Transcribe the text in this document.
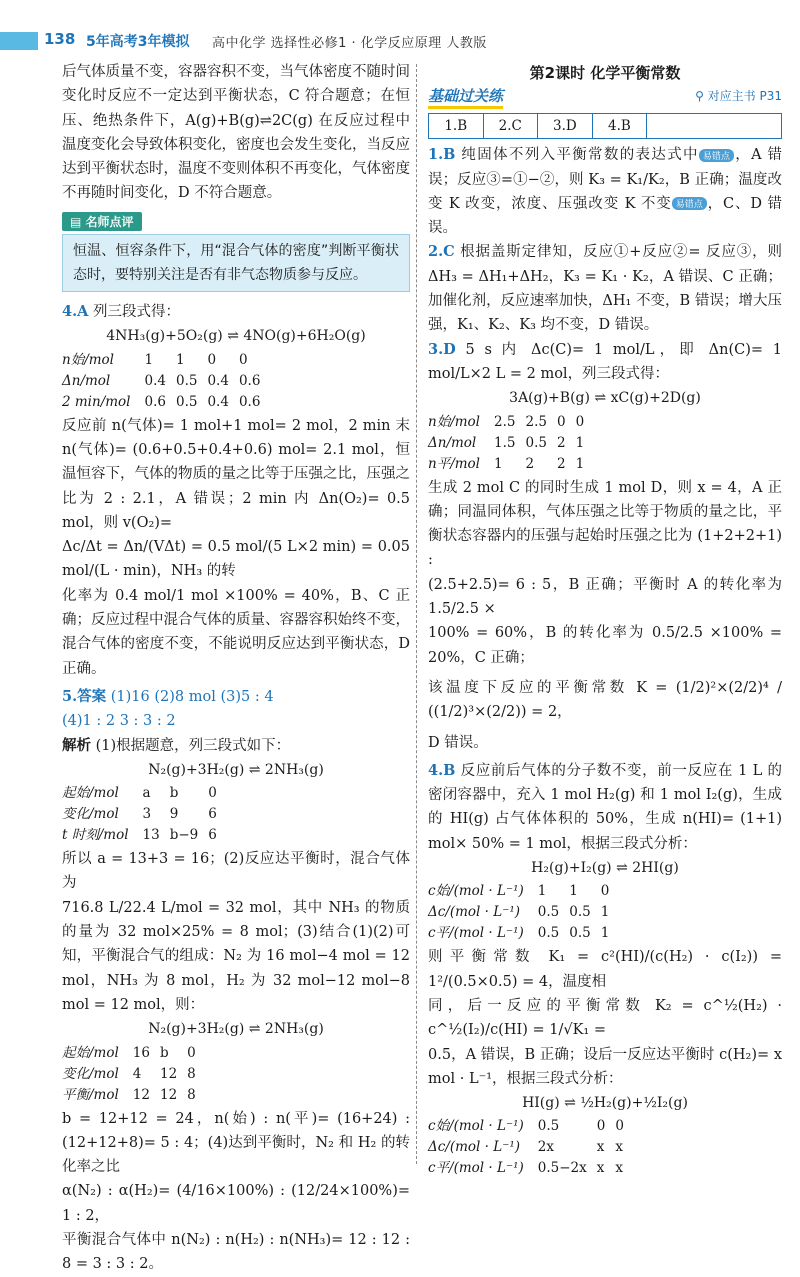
138 5年高考3年模拟 高中化学 选择性必修1 · 化学反应原理 人教版

后气体质量不变，容器容积不变，当气体密度不随时间变化时反应不一定达到平衡状态，C 符合题意；在恒压、绝热条件下，A(g)+B(g)⇌2C(g) 在反应过程中温度变化会导致体积变化，密度也会发生变化，当反应达到平衡状态时，温度不变则体积不再变化，气体密度不再随时间变化，D 不符合题意。

▤ 名师点评

恒温、恒容条件下，用“混合气体的密度”判断平衡状态时，要特别关注是否有非气态物质参与反应。

4.A 列三段式得：

4NH₃(g)+5O₂(g) ⇌ 4NO(g)+6H₂O(g)
n始/mol	1	1	0	0
Δn/mol	0.4	0.5	0.4	0.6
2 min/mol	0.6	0.5	0.4	0.6

反应前 n(气体)= 1 mol+1 mol= 2 mol，2 min 末 n(气体)= (0.6+0.5+0.4+0.6) mol= 2.1 mol，恒温恒容下，气体的物质的量之比等于压强之比，压强之比为 2 : 2.1，A 错误；2 min 内 Δn(O₂)= 0.5 mol，则 v(O₂)=

Δc/Δt = Δn/(VΔt) = 0.5 mol/(5 L×2 min) = 0.05 mol/(L · min)，NH₃ 的转

化率为 0.4 mol/1 mol ×100% = 40%，B、C 正确；反应过程中混合气体的质量、容器容积始终不变，混合气体的密度不变，不能说明反应达到平衡状态，D 正确。

5.答案 (1)16 (2)8 mol (3)5 : 4

(4)1 : 2 3 : 3 : 2

解析 (1)根据题意，列三段式如下：

N₂(g)+3H₂(g) ⇌ 2NH₃(g)
起始/mol	a	b	0
变化/mol	3	9	6
t 时刻/mol	13	b−9	6

所以 a = 13+3 = 16；(2)反应达平衡时，混合气体为

716.8 L/22.4 L/mol = 32 mol，其中 NH₃ 的物质的量为 32 mol×25% = 8 mol；(3)结合(1)(2)可知，平衡混合气的组成：N₂ 为 16 mol−4 mol = 12 mol，NH₃ 为 8 mol，H₂ 为 32 mol−12 mol−8 mol = 12 mol，则：

N₂(g)+3H₂(g) ⇌ 2NH₃(g)
起始/mol	16	b	0
变化/mol	4	12	8
平衡/mol	12	12	8

b = 12+12 = 24，n(始) : n(平)= (16+24) : (12+12+8)= 5 : 4；(4)达到平衡时，N₂ 和 H₂ 的转化率之比

α(N₂) : α(H₂)= (4/16×100%) : (12/24×100%)= 1 : 2，

平衡混合气体中 n(N₂) : n(H₂) : n(NH₃)= 12 : 12 : 8 = 3 : 3 : 2。

第2课时 化学平衡常数
基础过关练	⚲ 对应主书 P31
1.B	2.C	3.D	4.B	

1.B 纯固体不列入平衡常数的表达式中 易错点 ，A 错误；反应③=①−②，则 K₃ = K₁/K₂，B 正确；温度改变 K 改变，浓度、压强改变 K 不变 易错点 ，C、D 错误。

2.C 根据盖斯定律知，反应①+反应②= 反应③，则 ΔH₃ = ΔH₁+ΔH₂，K₃ = K₁ · K₂，A 错误、C 正确；加催化剂，反应速率加快，ΔH₁ 不变，B 错误；增大压强，K₁、K₂、K₃ 均不变，D 错误。

3.D 5 s 内 Δc(C)= 1 mol/L，即 Δn(C)= 1 mol/L×2 L = 2 mol，列三段式得：

3A(g)+B(g) ⇌ xC(g)+2D(g)
n始/mol	2.5	2.5	0	0
Δn/mol	1.5	0.5	2	1
n平/mol	1	2	2	1

生成 2 mol C 的同时生成 1 mol D，则 x = 4，A 正确；同温同体积，气体压强之比等于物质的量之比，平衡状态容器内的压强与起始时压强之比为 (1+2+2+1) :

(2.5+2.5)= 6 : 5，B 正确；平衡时 A 的转化率为 1.5/2.5 ×

100% = 60%，B 的转化率为 0.5/2.5 ×100% = 20%，C 正确；

该温度下反应的平衡常数 K = (1/2)²×(2/2)⁴ / ((1/2)³×(2/2)) = 2，

D 错误。

4.B 反应前后气体的分子数不变，前一反应在 1 L 的密闭容器中，充入 1 mol H₂(g) 和 1 mol I₂(g)，生成的 HI(g) 占气体体积的 50%，生成 n(HI)= (1+1) mol× 50% = 1 mol，根据三段式分析：

H₂(g)+I₂(g) ⇌ 2HI(g)
c始/(mol · L⁻¹)	1	1	0
Δc/(mol · L⁻¹)	0.5	0.5	1
c平/(mol · L⁻¹)	0.5	0.5	1

则平衡常数 K₁ = c²(HI)/(c(H₂) · c(I₂)) = 1²/(0.5×0.5) = 4，温度相

同，后一反应的平衡常数 K₂ = c^½(H₂) · c^½(I₂)/c(HI) = 1/√K₁ =

0.5，A 错误，B 正确；设后一反应达平衡时 c(H₂)= x mol · L⁻¹，根据三段式分析：

HI(g) ⇌ ½H₂(g)+½I₂(g)
c始/(mol · L⁻¹)	0.5	0	0
Δc/(mol · L⁻¹)	2x	x	x
c平/(mol · L⁻¹)	0.5−2x	x	x
